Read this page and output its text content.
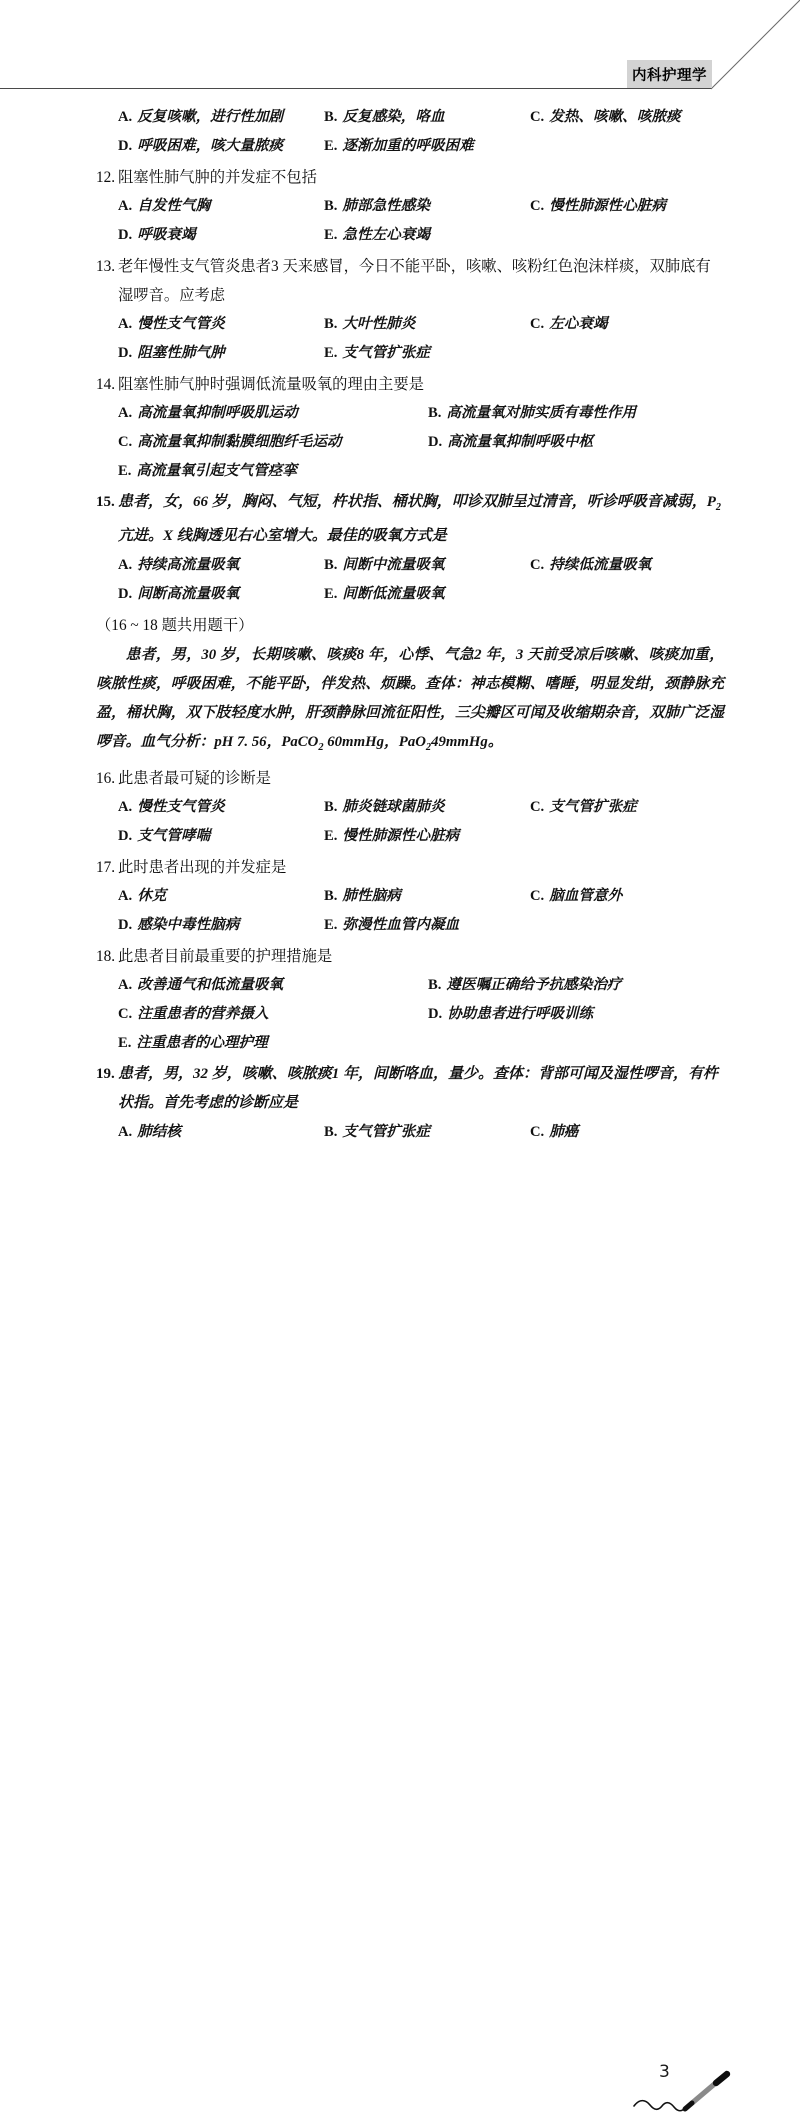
内科护理学
A. 反复咳嗽，进行性加剧	B. 反复感染，咯血	C. 发热、咳嗽、咳脓痰
D. 呼吸困难，咳大量脓痰	E. 逐渐加重的呼吸困难
12. 阻塞性肺气肿的并发症不包括
A. 自发性气胸	B. 肺部急性感染	C. 慢性肺源性心脏病
D. 呼吸衰竭	E. 急性左心衰竭
13. 老年慢性支气管炎患者3 天来感冒，今日不能平卧，咳嗽、咳粉红色泡沫样痰，双肺底有湿啰音。应考虑
A. 慢性支气管炎	B. 大叶性肺炎	C. 左心衰竭
D. 阻塞性肺气肿	E. 支气管扩张症
14. 阻塞性肺气肿时强调低流量吸氧的理由主要是
A. 高流量氧抑制呼吸肌运动	B. 高流量氧对肺实质有毒性作用
C. 高流量氧抑制黏膜细胞纤毛运动	D. 高流量氧抑制呼吸中枢
E. 高流量氧引起支气管痉挛
15. 患者，女，66 岁，胸闷、气短，杵状指、桶状胸，叩诊双肺呈过清音，听诊呼吸音减弱，$P_2$亢进。X 线胸透见右心室增大。最佳的吸氧方式是
A. 持续高流量吸氧	B. 间断中流量吸氧	C. 持续低流量吸氧
D. 间断高流量吸氧	E. 间断低流量吸氧
（16 ~ 18 题共用题干）
患者，男，30 岁，长期咳嗽、咳痰8 年，心悸、气急2 年，3 天前受凉后咳嗽、咳痰加重，咳脓性痰，呼吸困难，不能平卧，伴发热、烦躁。查体：神志模糊、嗜睡，明显发绀，颈静脉充盈，桶状胸，双下肢轻度水肿，肝颈静脉回流征阳性，三尖瓣区可闻及收缩期杂音，双肺广泛湿啰音。血气分析：pH 7. 56，PaCO$_2$ 60mmHg，PaO$_2$49mmHg。
16. 此患者最可疑的诊断是
A. 慢性支气管炎	B. 肺炎链球菌肺炎	C. 支气管扩张症
D. 支气管哮喘	E. 慢性肺源性心脏病
17. 此时患者出现的并发症是
A. 休克	B. 肺性脑病	C. 脑血管意外
D. 感染中毒性脑病	E. 弥漫性血管内凝血
18. 此患者目前最重要的护理措施是
A. 改善通气和低流量吸氧	B. 遵医嘱正确给予抗感染治疗
C. 注重患者的营养摄入	D. 协助患者进行呼吸训练
E. 注重患者的心理护理
19. 患者，男，32 岁，咳嗽、咳脓痰1 年，间断咯血，量少。查体：背部可闻及湿性啰音，有杵状指。首先考虑的诊断应是
A. 肺结核	B. 支气管扩张症	C. 肺癌
3
